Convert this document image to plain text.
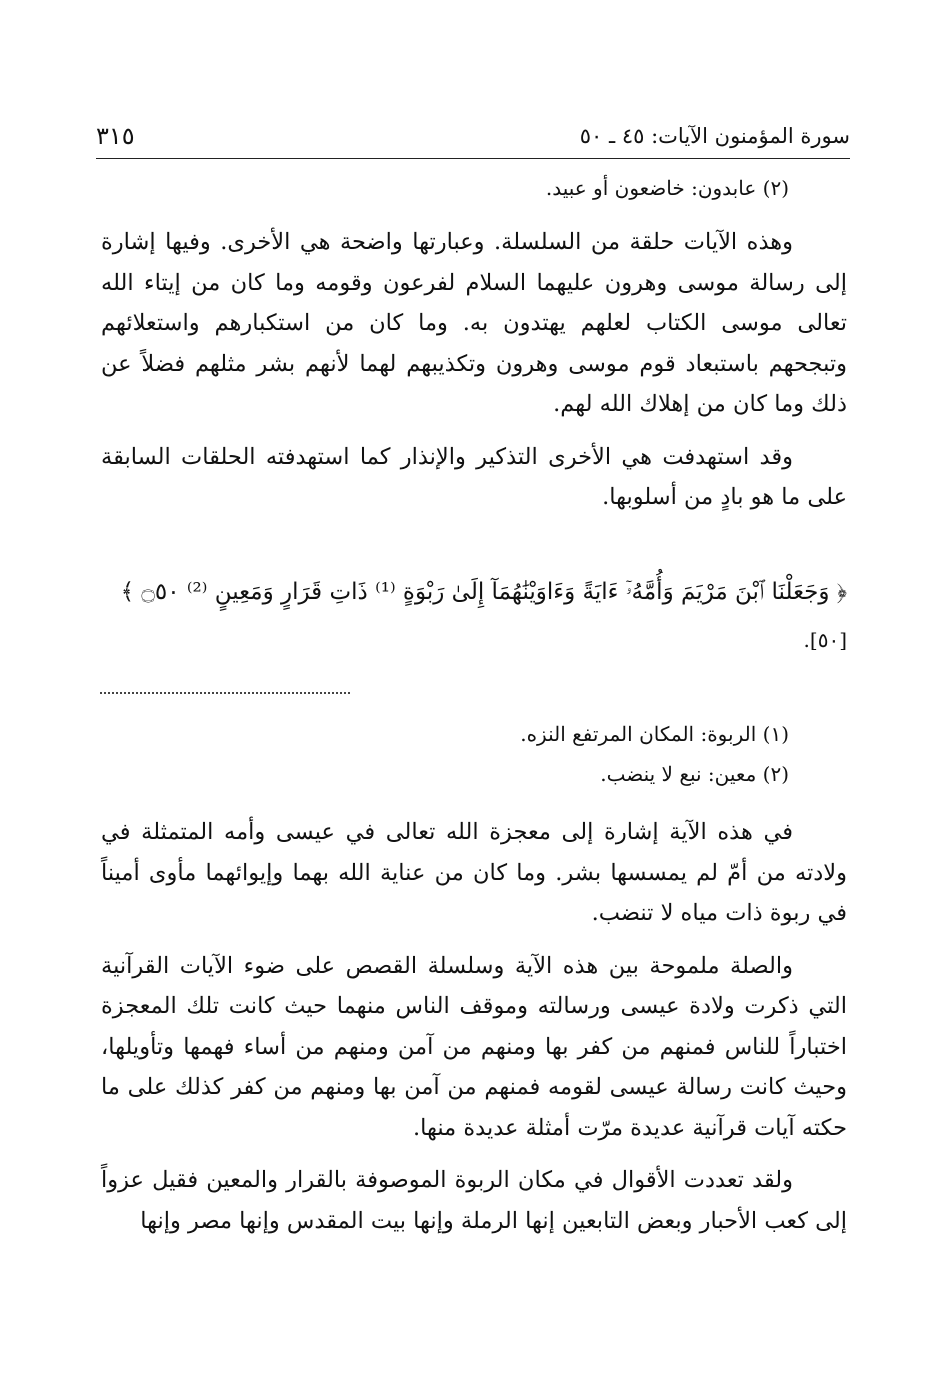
٣١٥	سورة المؤمنون الآيات: ٤٥ ـ ٥٠
(٢) عابدون: خاضعون أو عبيد.

وهذه الآيات حلقة من السلسلة. وعبارتها واضحة هي الأخرى. وفيها إشارة إلى رسالة موسى وهرون عليهما السلام لفرعون وقومه وما كان من إيتاء الله تعالى موسى الكتاب لعلهم يهتدون به. وما كان من استكبارهم واستعلائهم وتبجحهم باستبعاد قوم موسى وهرون وتكذيبهم لهما لأنهم بشر مثلهم فضلاً عن ذلك وما كان من إهلاك الله لهم.

وقد استهدفت هي الأخرى التذكير والإنذار كما استهدفته الحلقات السابقة على ما هو بادٍ من أسلوبها.

﴿ وَجَعَلْنَا ٱبْنَ مَرْيَمَ وَأُمَّهُۥٓ ءَايَةً وَءَاوَيْنَٰهُمَآ إِلَىٰ رَبْوَةٍ ⁽¹⁾ ذَاتِ قَرَارٍ وَمَعِينٍ ⁽²⁾ ۝٥٠ ﴾
[٥٠].
(١) الربوة: المكان المرتفع النزه.
(٢) معين: نبع لا ينضب.

في هذه الآية إشارة إلى معجزة الله تعالى في عيسى وأمه المتمثلة في ولادته من أمّ لم يمسسها بشر. وما كان من عناية الله بهما وإيوائهما مأوى أميناً في ربوة ذات مياه لا تنضب.

والصلة ملموحة بين هذه الآية وسلسلة القصص على ضوء الآيات القرآنية التي ذكرت ولادة عيسى ورسالته وموقف الناس منهما حيث كانت تلك المعجزة اختباراً للناس فمنهم من كفر بها ومنهم من آمن ومنهم من أساء فهمها وتأويلها، وحيث كانت رسالة عيسى لقومه فمنهم من آمن بها ومنهم من كفر كذلك على ما حكته آيات قرآنية عديدة مرّت أمثلة عديدة منها.

ولقد تعددت الأقوال في مكان الربوة الموصوفة بالقرار والمعين فقيل عزواً إلى كعب الأحبار وبعض التابعين إنها الرملة وإنها بيت المقدس وإنها مصر وإنها
